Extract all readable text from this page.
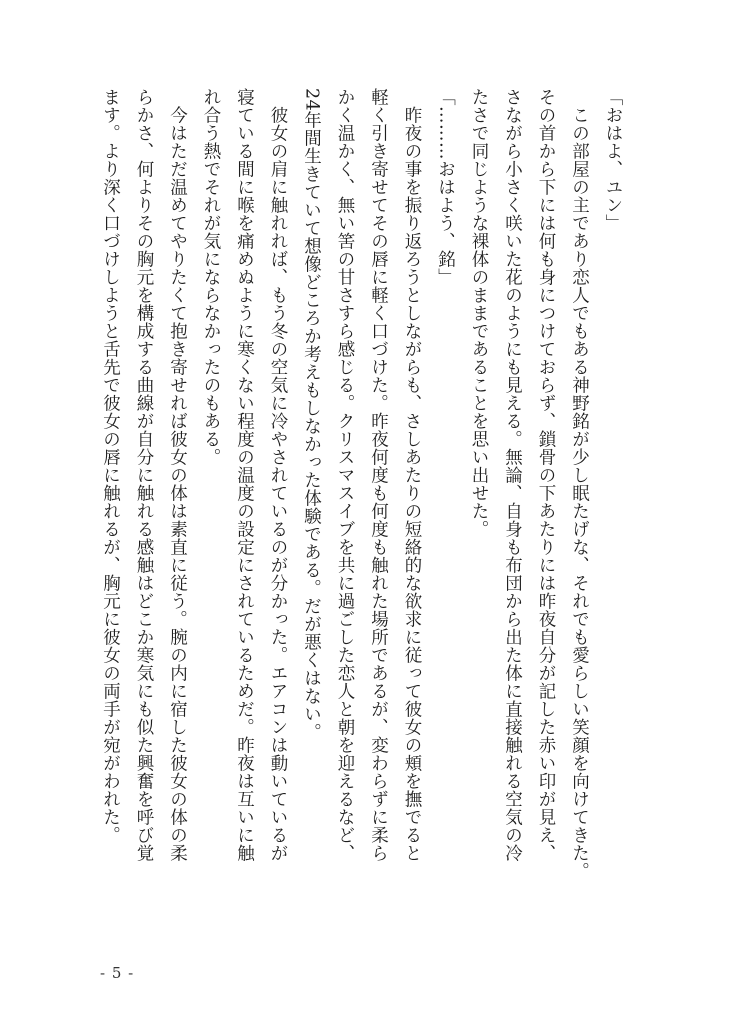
「おはよ、ユン」
　この部屋の主であり恋人でもある神野銘が少し眠たげな、それでも愛らしい笑顔を向けてきた。
その首から下には何も身につけておらず、鎖骨の下あたりには昨夜自分が記した赤い印が見え、
さながら小さく咲いた花のようにも見える。無論、自身も布団から出た体に直接触れる空気の冷
たさで同じような裸体のままであることを思い出せた。
「………おはよう、銘」
　昨夜の事を振り返ろうとしながらも、さしあたりの短絡的な欲求に従って彼女の頬を撫でると
軽く引き寄せてその唇に軽く口づけた。昨夜何度も何度も触れた場所であるが、変わらずに柔ら
かく温かく、無い筈の甘さすら感じる。クリスマスイブを共に過ごした恋人と朝を迎えるなど、
24年間生きていて想像どころか考えもしなかった体験である。だが悪くはない。
　彼女の肩に触れれば、もう冬の空気に冷やされているのが分かった。エアコンは動いているが
寝ている間に喉を痛めぬように寒くない程度の温度の設定にされているためだ。昨夜は互いに触
れ合う熱でそれが気にならなかったのもある。
　今はただ温めてやりたくて抱き寄せれば彼女の体は素直に従う。腕の内に宿した彼女の体の柔
らかさ、何よりその胸元を構成する曲線が自分に触れる感触はどこか寒気にも似た興奮を呼び覚
ます。より深く口づけしようと舌先で彼女の唇に触れるが、胸元に彼女の両手が宛がわれた。
- 5 -
